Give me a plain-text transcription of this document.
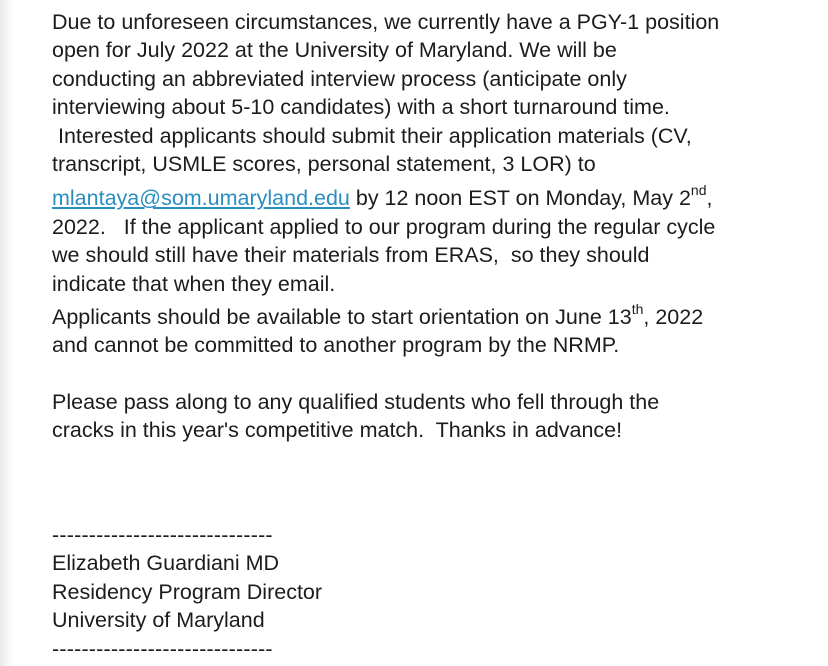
Due to unforeseen circumstances, we currently have a PGY-1 position
open for July 2022 at the University of Maryland. We will be
conducting an abbreviated interview process (anticipate only
interviewing about 5-10 candidates) with a short turnaround time.
Interested applicants should submit their application materials (CV,
transcript, USMLE scores, personal statement, 3 LOR) to
mlantaya@som.umaryland.edu by 12 noon EST on Monday, May 2nd,
2022.   If the applicant applied to our program during the regular cycle
we should still have their materials from ERAS,  so they should
indicate that when they email.

Applicants should be available to start orientation on June 13th, 2022
and cannot be committed to another program by the NRMP.

Please pass along to any qualified students who fell through the
cracks in this year's competitive match.  Thanks in advance!

------------------------------
Elizabeth Guardiani MD
Residency Program Director
University of Maryland
------------------------------
